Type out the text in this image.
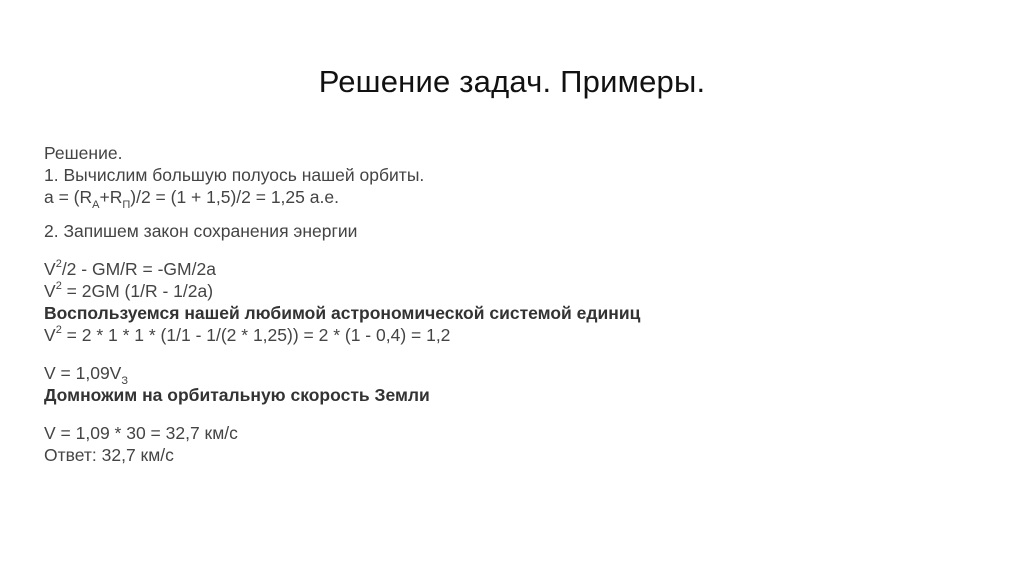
Решение задач. Примеры.
Решение.
1. Вычислим большую полуось нашей орбиты.
$a = (R_A+R_П)/2 = (1 + 1,5)/2 = 1,25$ а.е.
2. Запишем закон сохранения энергии
$V^2/2 - GM/R = -GM/2a$
$V^2 = 2GM$ (1/R - 1/2a)
Воспользуемся нашей любимой астрономической системой единиц
$V^2 = 2 * 1 * 1 * (1/1 - 1/(2 * 1,25)) = 2 * (1 - 0,4) = 1,2$
$V = 1,09V_З$
Домножим на орбитальную скорость Земли
V = 1,09 * 30 = 32,7 км/с
Ответ: 32,7 км/с
